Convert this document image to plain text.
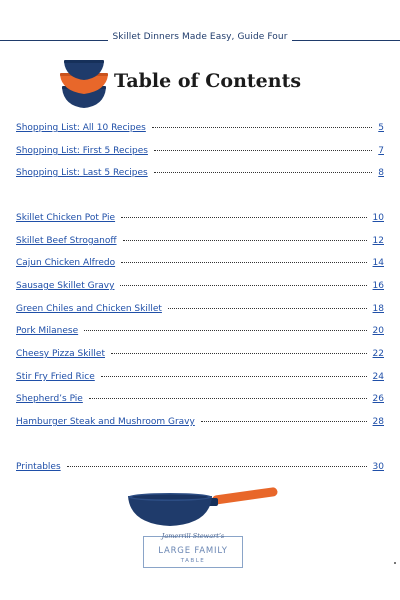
Skillet Dinners Made Easy, Guide Four
Table of Contents
Shopping List: All 10 Recipes	5
Shopping List: First 5 Recipes	7
Shopping List: Last 5 Recipes	8
Skillet Chicken Pot Pie	10
Skillet Beef Stroganoff	12
Cajun Chicken Alfredo	14
Sausage Skillet Gravy	16
Green Chiles and Chicken Skillet	18
Pork Milanese	20
Cheesy Pizza Skillet	22
Stir Fry Fried Rice	24
Shepherd’s Pie	26
Hamburger Steak and Mushroom Gravy	28
Printables	30
Jamerrill Stewart’s
LARGE FAMILY
TABLE
